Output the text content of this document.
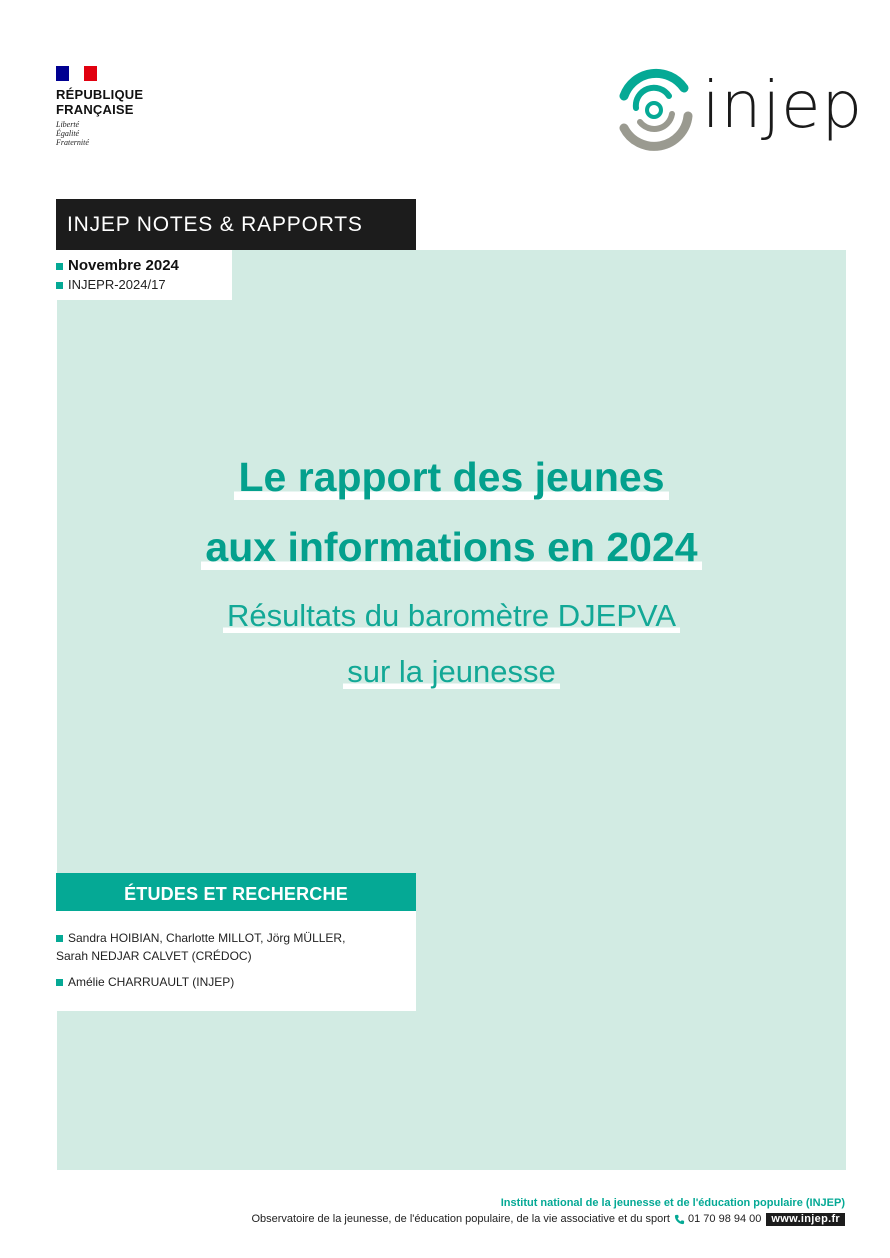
RÉPUBLIQUE
FRANÇAISE
Liberté
Égalité
Fraternité	injep
INJEP NOTES & RAPPORTS
Novembre 2024
INJEPR-2024/17
Le rapport des jeunes
aux informations en 2024

Résultats du baromètre DJEPVA
sur la jeunesse

ÉTUDES ET RECHERCHE
Sandra HOIBIAN, Charlotte MILLOT, Jörg MÜLLER,
Sarah NEDJAR CALVET (CRÉDOC)
Amélie CHARRUAULT (INJEP)
Institut national de la jeunesse et de l'éducation populaire (INJEP)
Observatoire de la jeunesse, de l'éducation populaire, de la vie associative et du sport 01 70 98 94 00 www.injep.fr
